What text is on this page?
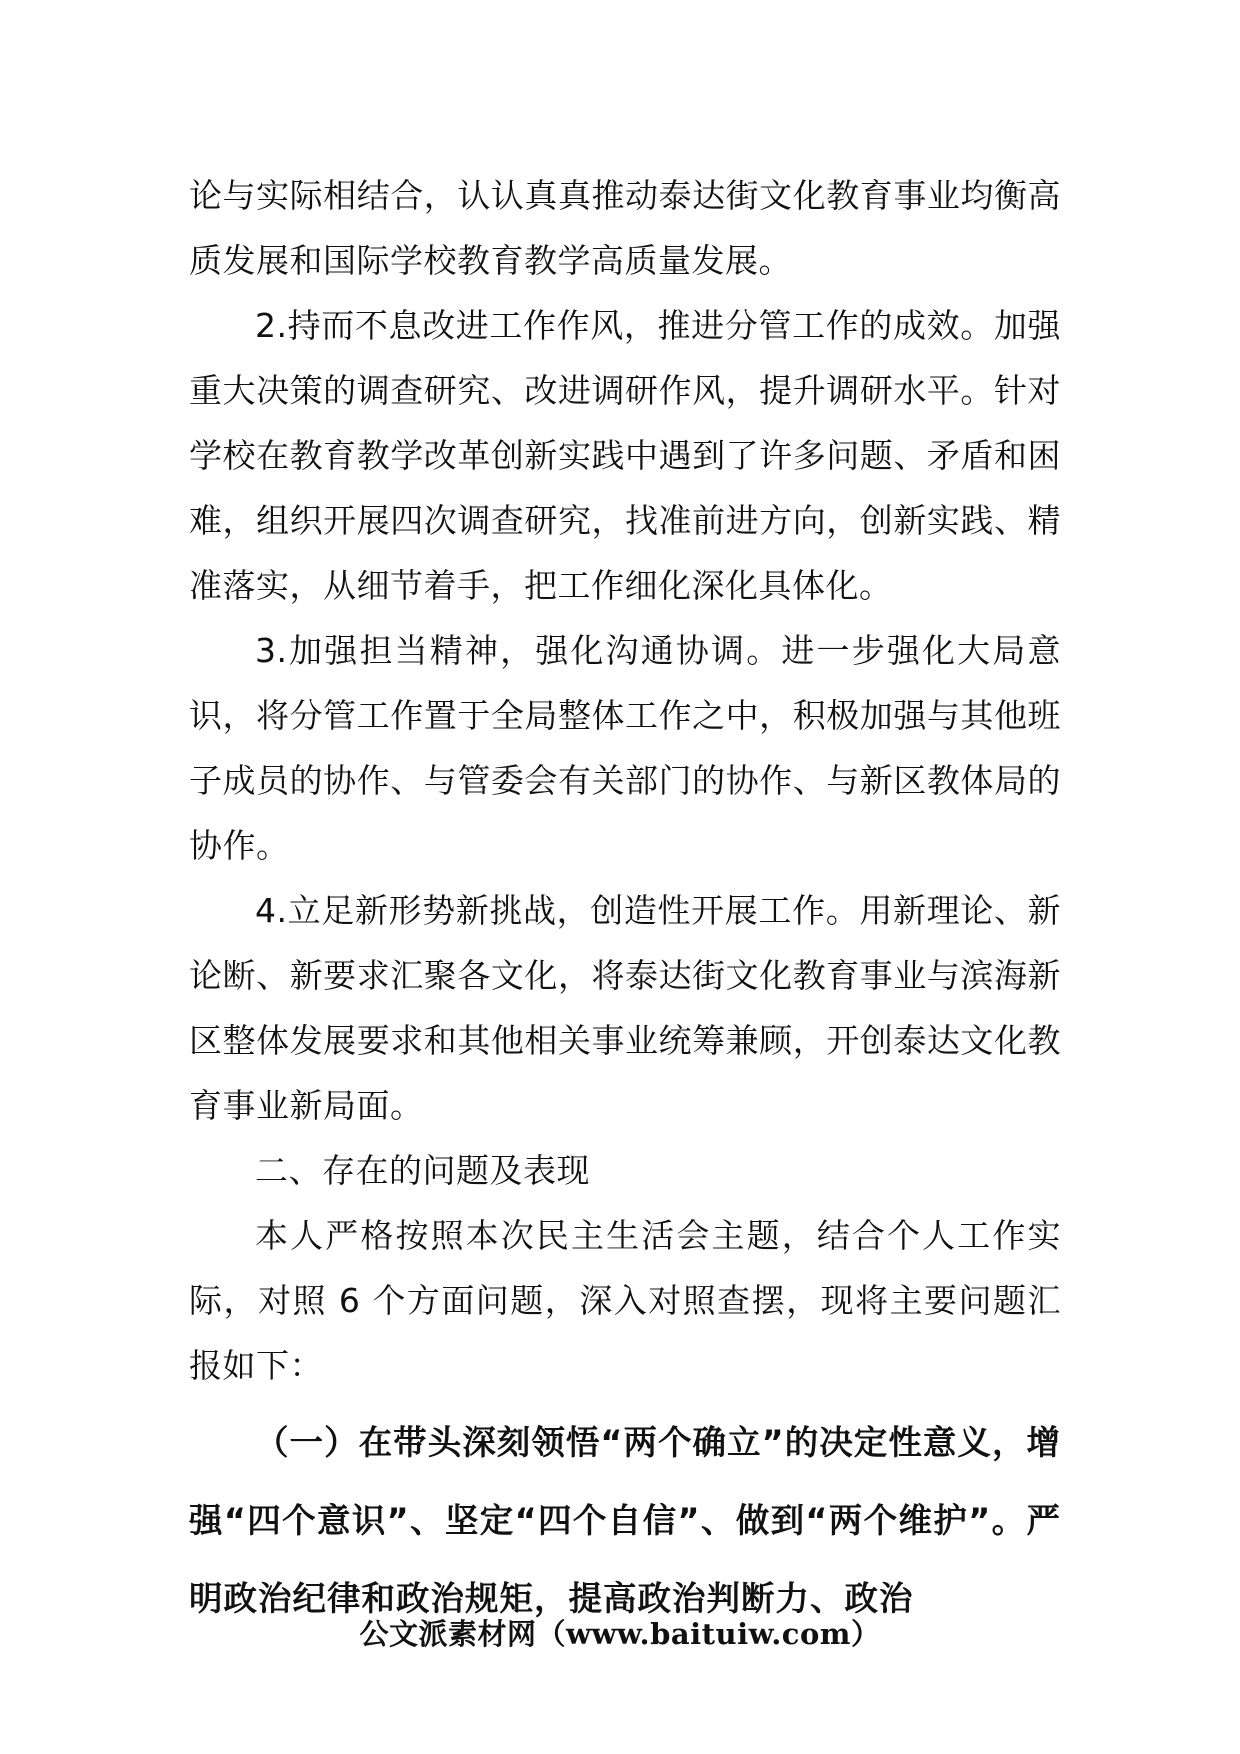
论与实际相结合，认认真真推动泰达街文化教育事业均衡高质发展和国际学校教育教学高质量发展。

2.持而不息改进工作作风，推进分管工作的成效。加强重大决策的调查研究、改进调研作风，提升调研水平。针对学校在教育教学改革创新实践中遇到了许多问题、矛盾和困难，组织开展四次调查研究，找准前进方向，创新实践、精准落实，从细节着手，把工作细化深化具体化。

3.加强担当精神，强化沟通协调。进一步强化大局意识，将分管工作置于全局整体工作之中，积极加强与其他班子成员的协作、与管委会有关部门的协作、与新区教体局的协作。

4.立足新形势新挑战，创造性开展工作。用新理论、新论断、新要求汇聚各文化，将泰达街文化教育事业与滨海新区整体发展要求和其他相关事业统筹兼顾，开创泰达文化教育事业新局面。

二、存在的问题及表现

本人严格按照本次民主生活会主题，结合个人工作实际，对照 6 个方面问题，深入对照查摆，现将主要问题汇报如下：

（一）在带头深刻领悟“两个确立”的决定性意义，增强“四个意识”、坚定“四个自信”、做到“两个维护”。严明政治纪律和政治规矩，提高政治判断力、政治

公文派素材网（www.baituiw.com）
